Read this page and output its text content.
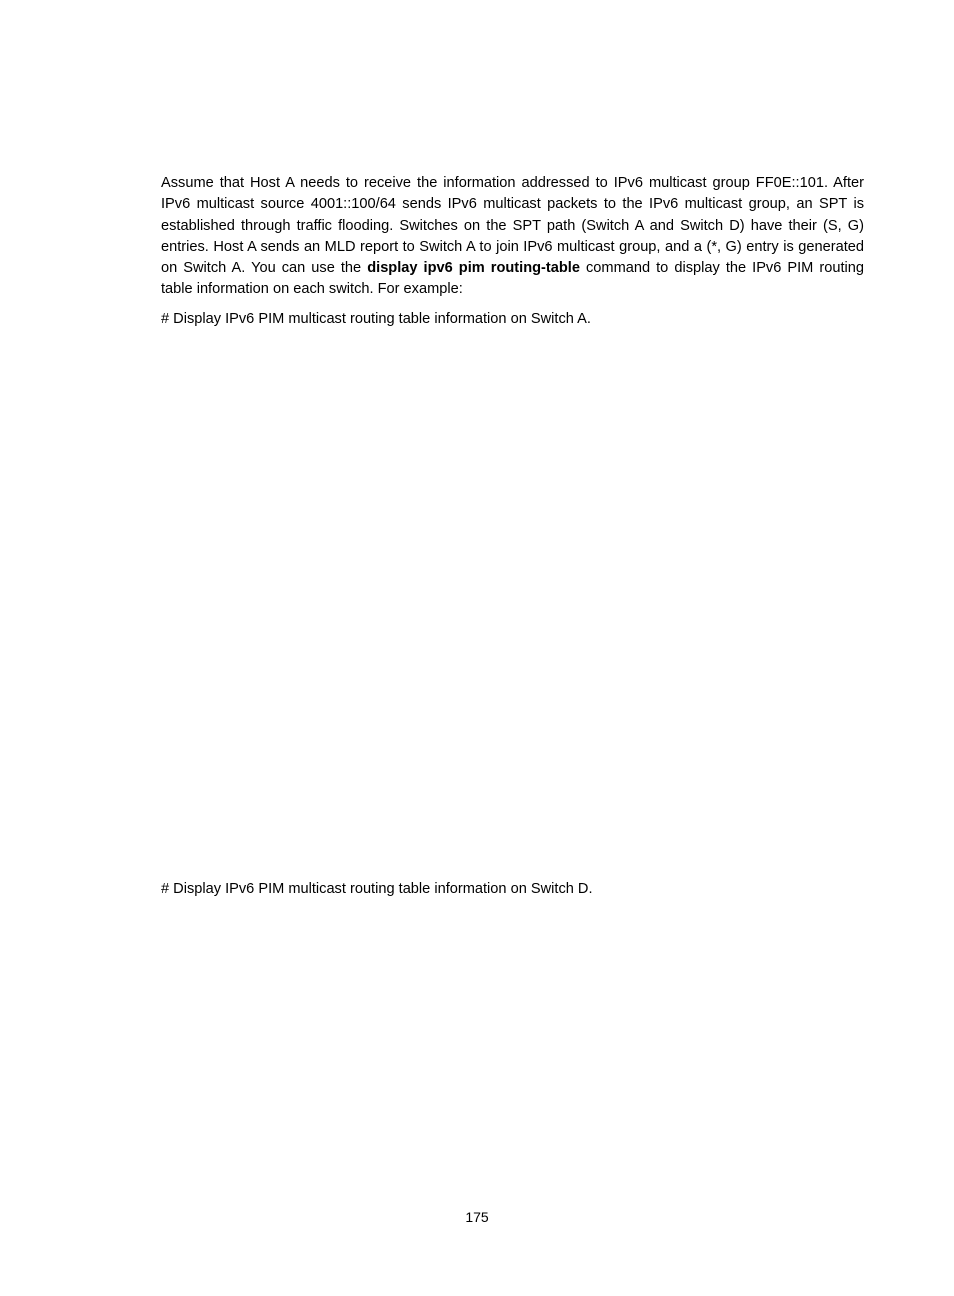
Assume that Host A needs to receive the information addressed to IPv6 multicast group FF0E::101. After IPv6 multicast source 4001::100/64 sends IPv6 multicast packets to the IPv6 multicast group, an SPT is established through traffic flooding. Switches on the SPT path (Switch A and Switch D) have their (S, G) entries. Host A sends an MLD report to Switch A to join IPv6 multicast group, and a (*, G) entry is generated on Switch A. You can use the display ipv6 pim routing-table command to display the IPv6 PIM routing table information on each switch. For example:

# Display IPv6 PIM multicast routing table information on Switch A.

# Display IPv6 PIM multicast routing table information on Switch D.

175
